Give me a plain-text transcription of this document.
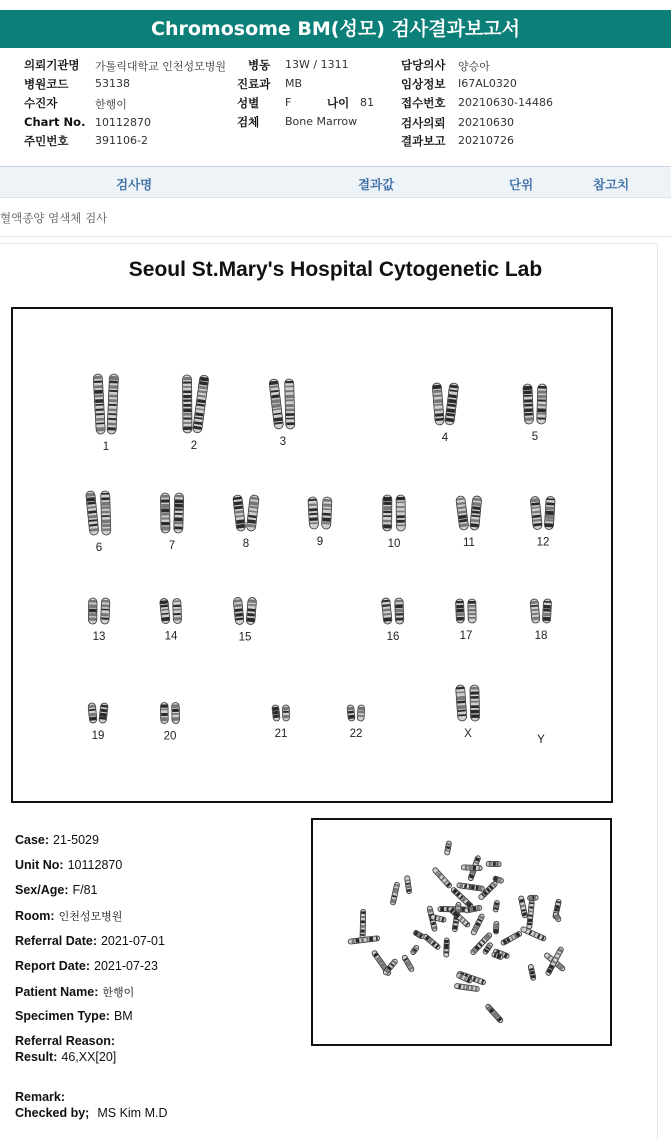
Chromosome BM(성모) 검사결과보고서
의뢰기관명 가톨릭대학교 인천성모병원 병동 13W / 1311	담당의사 양승아
병원코드 53138	진료과 MB	임상정보 I67AL0320
수진자	한행이	성별 F	나이 81 접수번호 20210630-14486
Chart No. 10112870	검체 Bone Marrow	검사의뢰 20210630
주민번호 391106-2	결과보고 20210726
검사명	결과값	단위	참고치
혈액종양 염색체 검사
Seoul St.Mary's Hospital Cytogenetic Lab
1	2	3	4	5
6	7	8	9	10	11	12
13	14	15	16	17	18
19	20	21	22	X	Y
Case: 21-5029
Unit No: 10112870
Sex/Age: F/81
Room: 인천성모병원
Referral Date: 2021-07-01
Report Date: 2021-07-23
Patient Name: 한행이
Specimen Type: BM
Referral Reason:
Result: 46,XX[20]
Remark:
Checked by; MS Kim M.D
